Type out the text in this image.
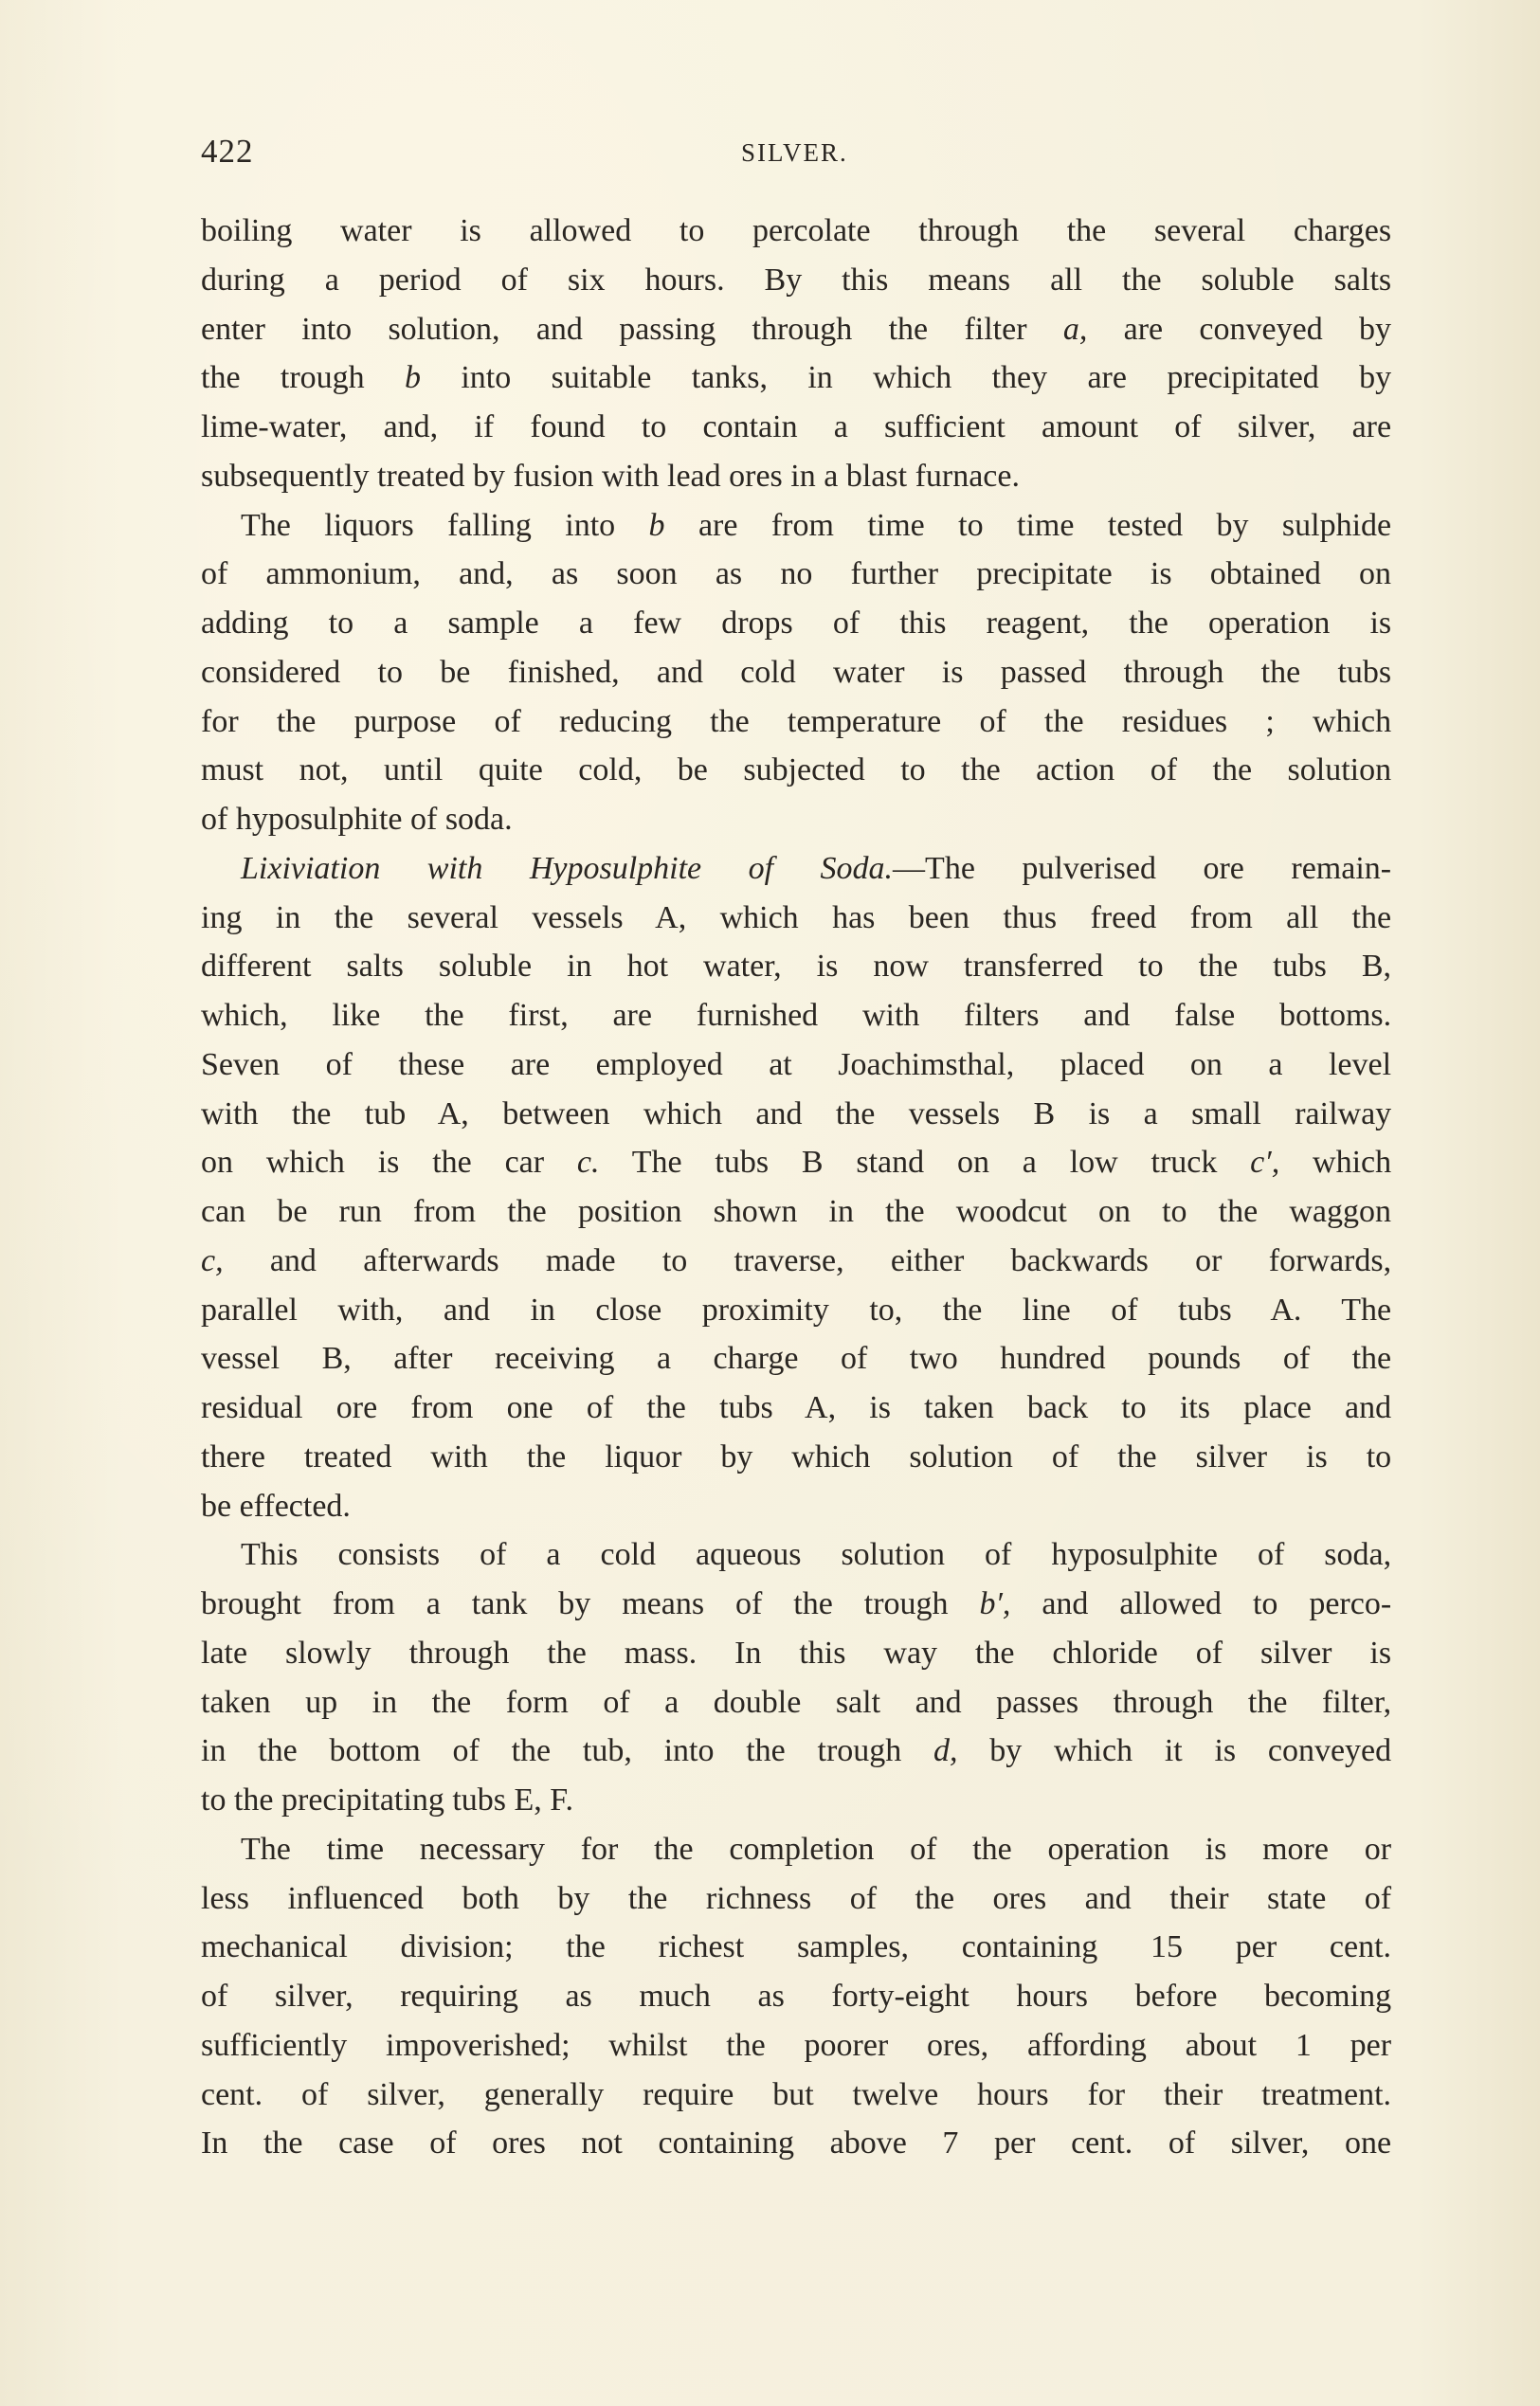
422	SILVER.
boiling water is allowed to percolate through the several charges
during a period of six hours. By this means all the soluble salts
enter into solution, and passing through the filter a, are conveyed by
the trough b into suitable tanks, in which they are precipitated by
lime-water, and, if found to contain a sufficient amount of silver, are
subsequently treated by fusion with lead ores in a blast furnace.
The liquors falling into b are from time to time tested by sulphide
of ammonium, and, as soon as no further precipitate is obtained on
adding to a sample a few drops of this reagent, the operation is
considered to be finished, and cold water is passed through the tubs
for the purpose of reducing the temperature of the residues ; which
must not, until quite cold, be subjected to the action of the solution
of hyposulphite of soda.
Lixiviation with Hyposulphite of Soda.—The pulverised ore remain-
ing in the several vessels A, which has been thus freed from all the
different salts soluble in hot water, is now transferred to the tubs B,
which, like the first, are furnished with filters and false bottoms.
Seven of these are employed at Joachimsthal, placed on a level
with the tub A, between which and the vessels B is a small railway
on which is the car c. The tubs B stand on a low truck c′, which
can be run from the position shown in the woodcut on to the waggon
c, and afterwards made to traverse, either backwards or forwards,
parallel with, and in close proximity to, the line of tubs A. The
vessel B, after receiving a charge of two hundred pounds of the
residual ore from one of the tubs A, is taken back to its place and
there treated with the liquor by which solution of the silver is to
be effected.
This consists of a cold aqueous solution of hyposulphite of soda,
brought from a tank by means of the trough b′, and allowed to perco-
late slowly through the mass. In this way the chloride of silver is
taken up in the form of a double salt and passes through the filter,
in the bottom of the tub, into the trough d, by which it is conveyed
to the precipitating tubs E, F.
The time necessary for the completion of the operation is more or
less influenced both by the richness of the ores and their state of
mechanical division; the richest samples, containing 15 per cent.
of silver, requiring as much as forty-eight hours before becoming
sufficiently impoverished; whilst the poorer ores, affording about 1 per
cent. of silver, generally require but twelve hours for their treatment.
In the case of ores not containing above 7 per cent. of silver, one
